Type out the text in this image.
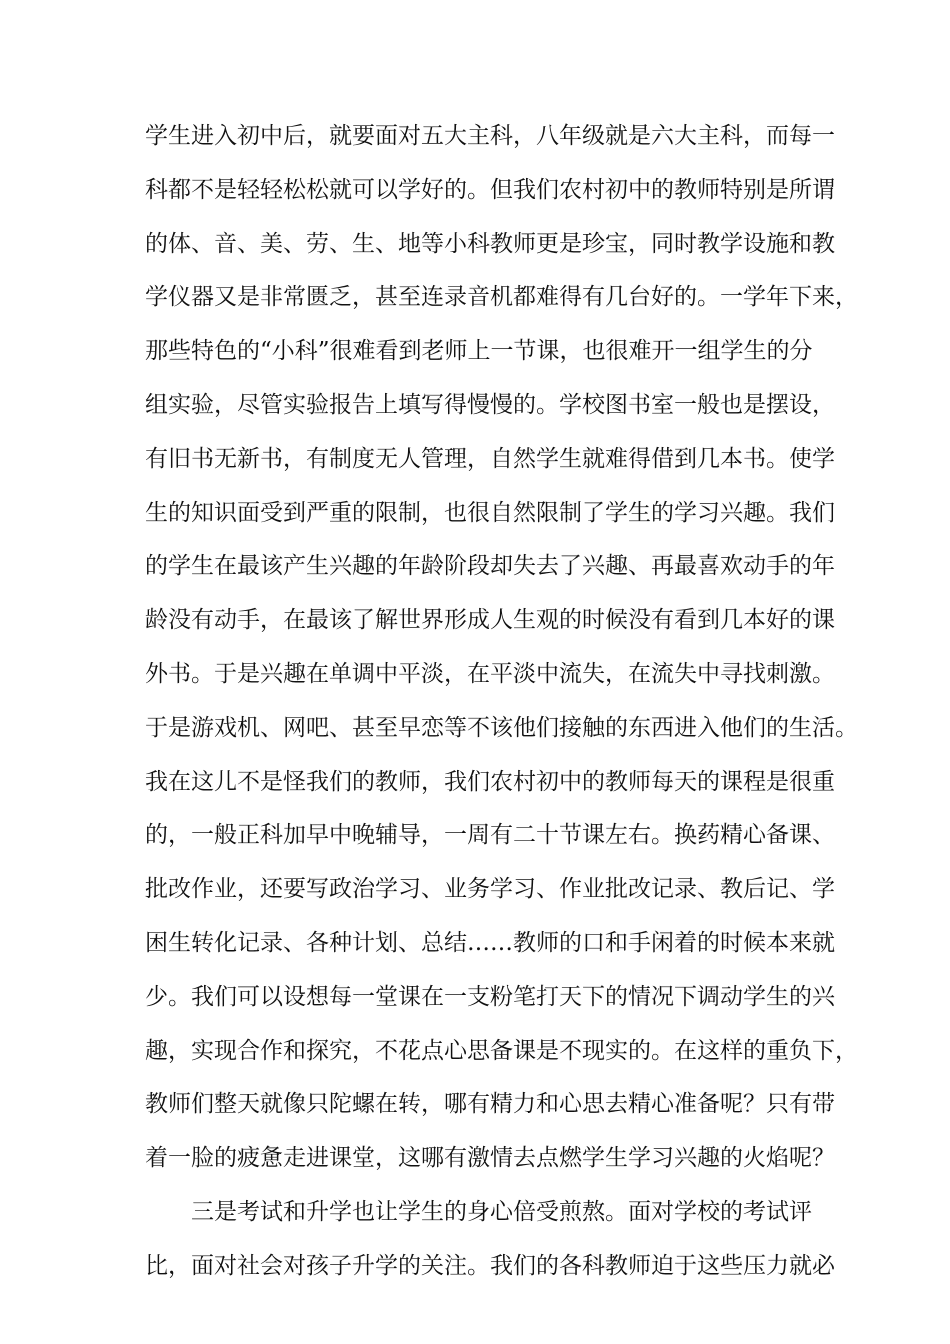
学生进入初中后，就要面对五大主科，八年级就是六大主科，而每一
科都不是轻轻松松就可以学好的。但我们农村初中的教师特别是所谓
的体、音、美、劳、生、地等小科教师更是珍宝，同时教学设施和教
学仪器又是非常匮乏，甚至连录音机都难得有几台好的。一学年下来，
那些特色的“小科”很难看到老师上一节课，也很难开一组学生的分
组实验，尽管实验报告上填写得慢慢的。学校图书室一般也是摆设，
有旧书无新书，有制度无人管理，自然学生就难得借到几本书。使学
生的知识面受到严重的限制，也很自然限制了学生的学习兴趣。我们
的学生在最该产生兴趣的年龄阶段却失去了兴趣、再最喜欢动手的年
龄没有动手，在最该了解世界形成人生观的时候没有看到几本好的课
外书。于是兴趣在单调中平淡，在平淡中流失，在流失中寻找刺激。
于是游戏机、网吧、甚至早恋等不该他们接触的东西进入他们的生活。
我在这儿不是怪我们的教师，我们农村初中的教师每天的课程是很重
的，一般正科加早中晚辅导，一周有二十节课左右。换药精心备课、
批改作业，还要写政治学习、业务学习、作业批改记录、教后记、学
困生转化记录、各种计划、总结……教师的口和手闲着的时候本来就
少。我们可以设想每一堂课在一支粉笔打天下的情况下调动学生的兴
趣，实现合作和探究，不花点心思备课是不现实的。在这样的重负下，
教师们整天就像只陀螺在转，哪有精力和心思去精心准备呢？只有带
着一脸的疲惫走进课堂，这哪有激情去点燃学生学习兴趣的火焰呢？
三是考试和升学也让学生的身心倍受煎熬。面对学校的考试评
比，面对社会对孩子升学的关注。我们的各科教师迫于这些压力就必
